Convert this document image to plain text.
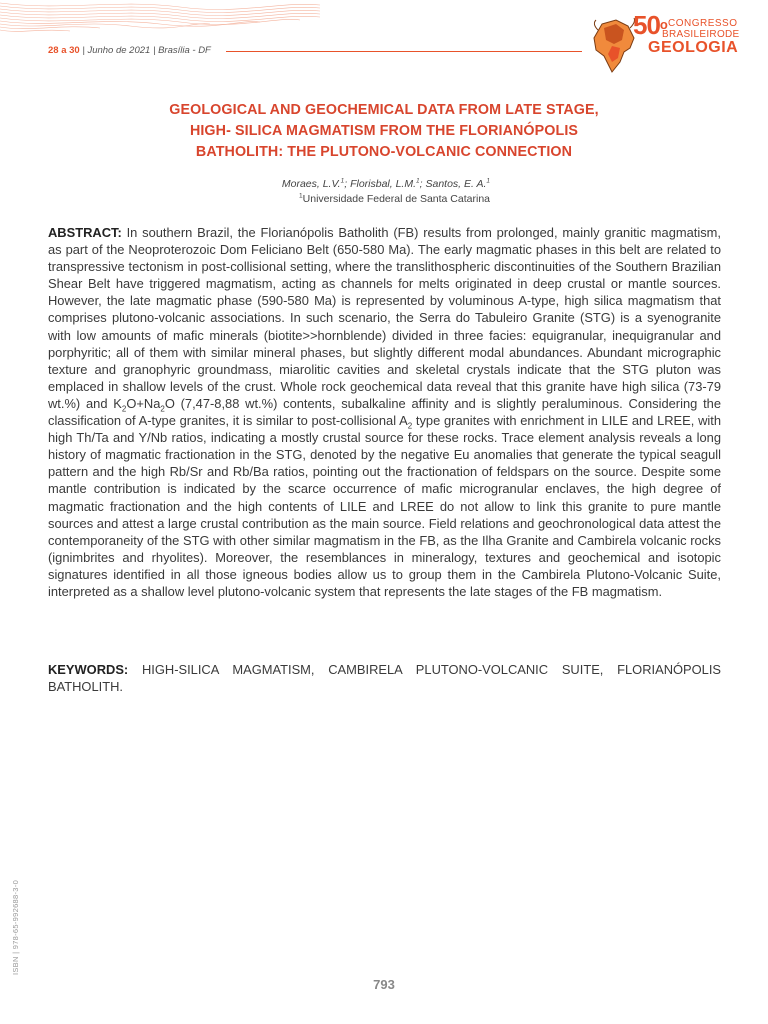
28 a 30 | Junho de 2021 | Brasília - DF
50$^o$ CONGRESSO
BRASILEIRODE
GEOLOGIA
GEOLOGICAL AND GEOCHEMICAL DATA FROM LATE STAGE,
HIGH- SILICA MAGMATISM FROM THE FLORIANÓPOLIS
BATHOLITH: THE PLUTONO-VOLCANIC CONNECTION
Moraes, L.V.$^1$; Florisbal, L.M.$^1$; Santos, E. A.$^1$
$^1$Universidade Federal de Santa Catarina
ABSTRACT: In southern Brazil, the Florianópolis Batholith (FB) results from prolonged, mainly granitic magmatism, as part of the Neoproterozoic Dom Feliciano Belt (650-580 Ma). The early magmatic phases in this belt are related to transpressive tectonism in post-collisional setting, where the translithospheric discontinuities of the Southern Brazilian Shear Belt have triggered magmatism, acting as channels for melts originated in deep crustal or mantle sources. However, the late magmatic phase (590-580 Ma) is represented by voluminous A-type, high silica magmatism that comprises plutono-volcanic associations. In such scenario, the Serra do Tabuleiro Granite (STG) is a syenogranite with low amounts of mafic minerals (biotite>>hornblende) divided in three facies: equigranular, inequigranular and porphyritic; all of them with similar mineral phases, but slightly different modal abundances. Abundant micrographic texture and granophyric groundmass, miarolitic cavities and skeletal crystals indicate that the STG pluton was emplaced in shallow levels of the crust. Whole rock geochemical data reveal that this granite have high silica (73-79 wt.%) and $K_2O+Na_2O$ (7,47-8,88 wt.%) contents, subalkaline affinity and is slightly peraluminous. Considering the classification of A-type granites, it is similar to post-collisional $A_2$ type granites with enrichment in LILE and LREE, with high Th/Ta and Y/Nb ratios, indicating a mostly crustal source for these rocks. Trace element analysis reveals a long history of magmatic fractionation in the STG, denoted by the negative Eu anomalies that generate the typical seagull pattern and the high Rb/Sr and Rb/Ba ratios, pointing out the fractionation of feldspars on the source. Despite some mantle contribution is indicated by the scarce occurrence of mafic microgranular enclaves, the high degree of magmatic fractionation and the high contents of LILE and LREE do not allow to link this granite to pure mantle sources and attest a large crustal contribution as the main source. Field relations and geochronological data attest the contemporaneity of the STG with other similar magmatism in the FB, as the Ilha Granite and Cambirela volcanic rocks (ignimbrites and rhyolites). Moreover, the resemblances in mineralogy, textures and geochemical and isotopic signatures identified in all those igneous bodies allow us to group them in the Cambirela Plutono-Volcanic Suite, interpreted as a shallow level plutono-volcanic system that represents the late stages of the FB magmatism.
KEYWORDS: HIGH-SILICA MAGMATISM, CAMBIRELA PLUTONO-VOLCANIC SUITE, FLORIANÓPOLIS BATHOLITH.
ISBN | 978-65-992688-3-0
793
